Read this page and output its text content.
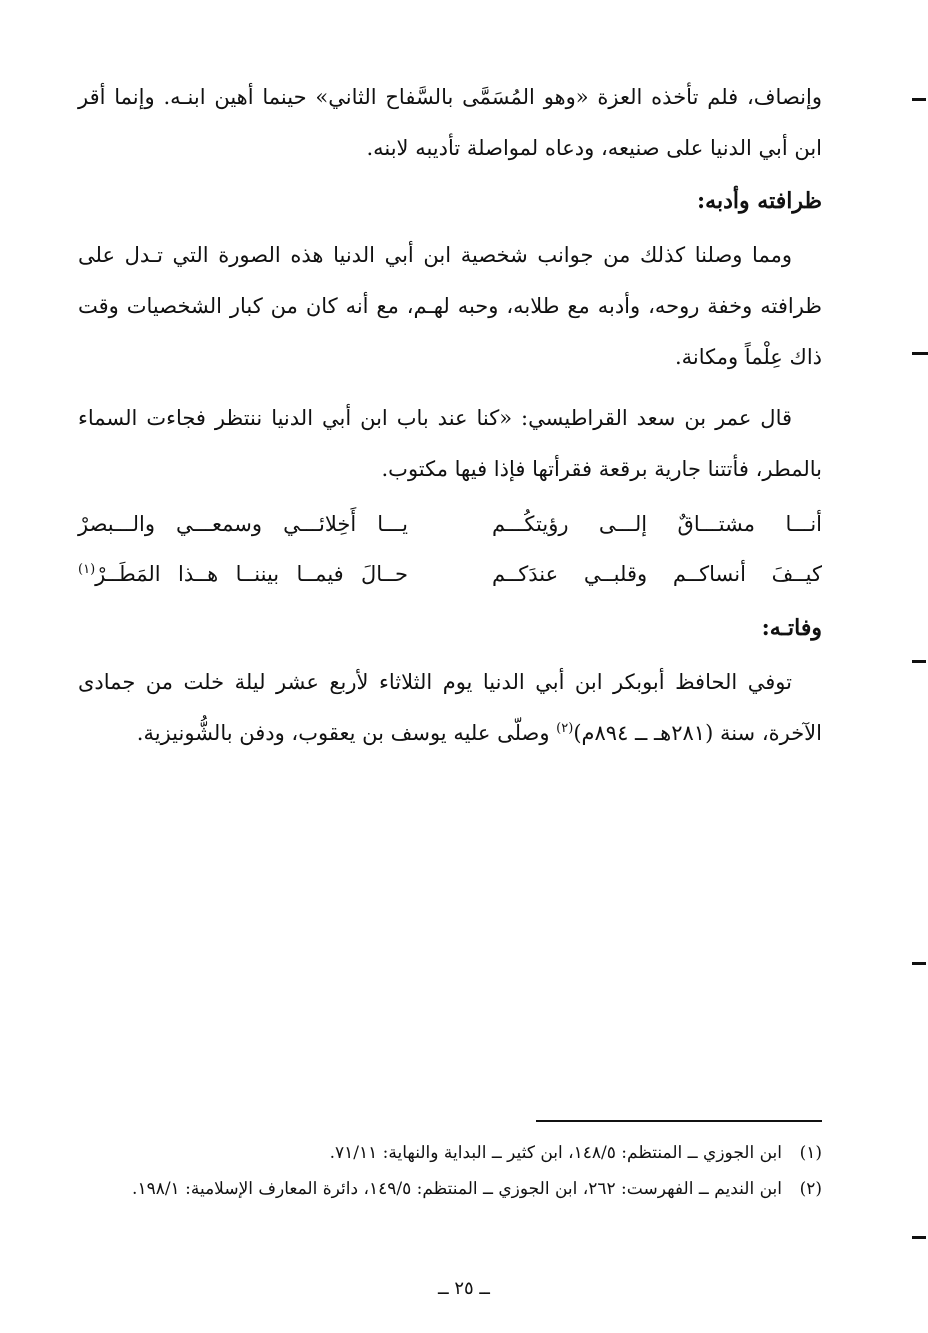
وإنصاف، فلم تأخذه العزة «وهو المُسَمَّى بالسَّفاح الثاني» حينما أهين ابنـه. وإنما أقر ابن أبي الدنيا على صنيعه، ودعاه لمواصلة تأديبه لابنه.

ظرافته وأدبه:

ومما وصلنا كذلك من جوانب شخصية ابن أبي الدنيا هذه الصورة التي تـدل على ظرافته وخفة روحه، وأدبه مع طلابه، وحبه لهـم، مع أنه كان من كبار الشخصيات وقت ذاك عِلْماً ومكانة.

قال عمر بن سعد القراطيسي: «كنا عند باب ابن أبي الدنيا ننتظر فجاءت السماء بالمطر، فأتتنا جارية برقعة فقرأتها فإذا فيها مكتوب.

أنـــا مشتـــاقٌ إلـــى رؤيتكُـــم
يـــا أَخِلائـــي وسمعـــي والـــبصرْ
كيــفَ أنساكــم وقلبــي عندَكــم
حــالَ فيمــا بيننــا هــذا المَطَــرْ$^{(١)}$

وفاتـه:

توفي الحافظ أبوبكر ابن أبي الدنيا يوم الثلاثاء لأربع عشر ليلة خلت من جمادى الآخرة، سنة (٢٨١هـ ــ ٨٩٤م)$^{(٢)}$ وصلّى عليه يوسف بن يعقوب، ودفن بالشُّونيزية.

(١)
ابن الجوزي ــ المنتظم: ١٤٨/٥، ابن كثير ــ البداية والنهاية: ٧١/١١.
(٢)
ابن النديم ــ الفهرست: ٢٦٢، ابن الجوزي ــ المنتظم: ١٤٩/٥، دائرة المعارف الإسلامية: ١٩٨/١.
ــ ٢٥ ــ
